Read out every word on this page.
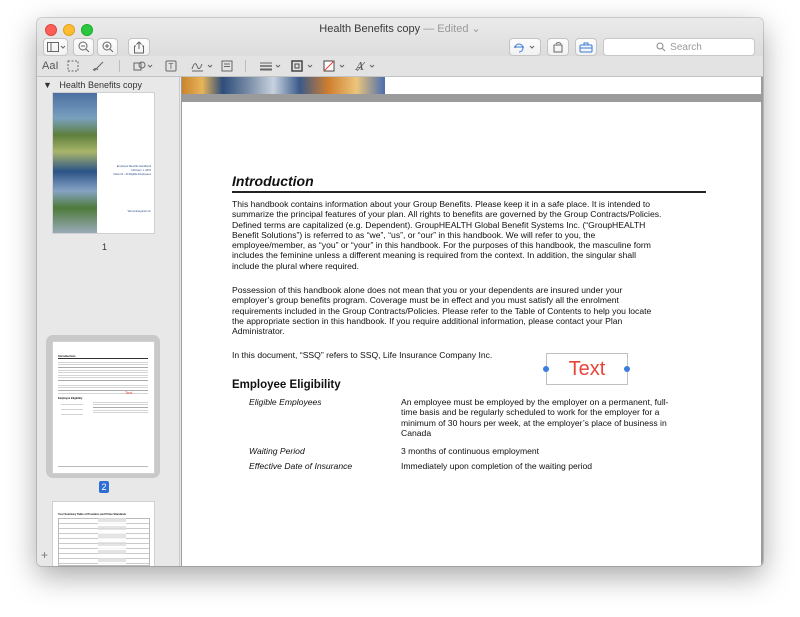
Health Benefits copy — Edited ⌄
Search
AaI	T	A
▼   Health Benefits copy
Employee Benefits Handbook
February 1, 2015
Class 01 - All Eligible Employees
Winnenbergand Ltd.
1
Introduction
Text
Employee Eligibility
2
Your Summary Table of Providers and Prime Standards
+
Introduction
This handbook contains information about your Group Benefits. Please keep it in a safe place. It is intended to
summarize the principal features of your plan. All rights to benefits are governed by the Group Contracts/Policies.
Defined terms are capitalized (e.g. Dependent). GroupHEALTH Global Benefit Systems Inc. (“GroupHEALTH
Benefit Solutions”) is referred to as “we”, “us”, or “our” in this handbook. We will refer to you, the
employee/member, as “you” or “your” in this handbook. For the purposes of this handbook, the masculine form
includes the feminine unless a different meaning is required from the context. In addition, the singular shall
include the plural where required.
Possession of this handbook alone does not mean that you or your dependents are insured under your
employer’s group benefits program. Coverage must be in effect and you must satisfy all the enrolment
requirements included in the Group Contracts/Policies. Please refer to the Table of Contents to help you locate
the appropriate section in this handbook. If you require additional information, please contact your Plan
Administrator.
In this document, “SSQ” refers to SSQ, Life Insurance Company Inc.
Text
Employee Eligibility
Eligible Employees	An employee must be employed by the employer on a permanent, full-
time basis and be regularly scheduled to work for the employer for a
minimum of 30 hours per week, at the employer’s place of business in
Canada
Waiting Period	3 months of continuous employment
Effective Date of Insurance	Immediately upon completion of the waiting period
